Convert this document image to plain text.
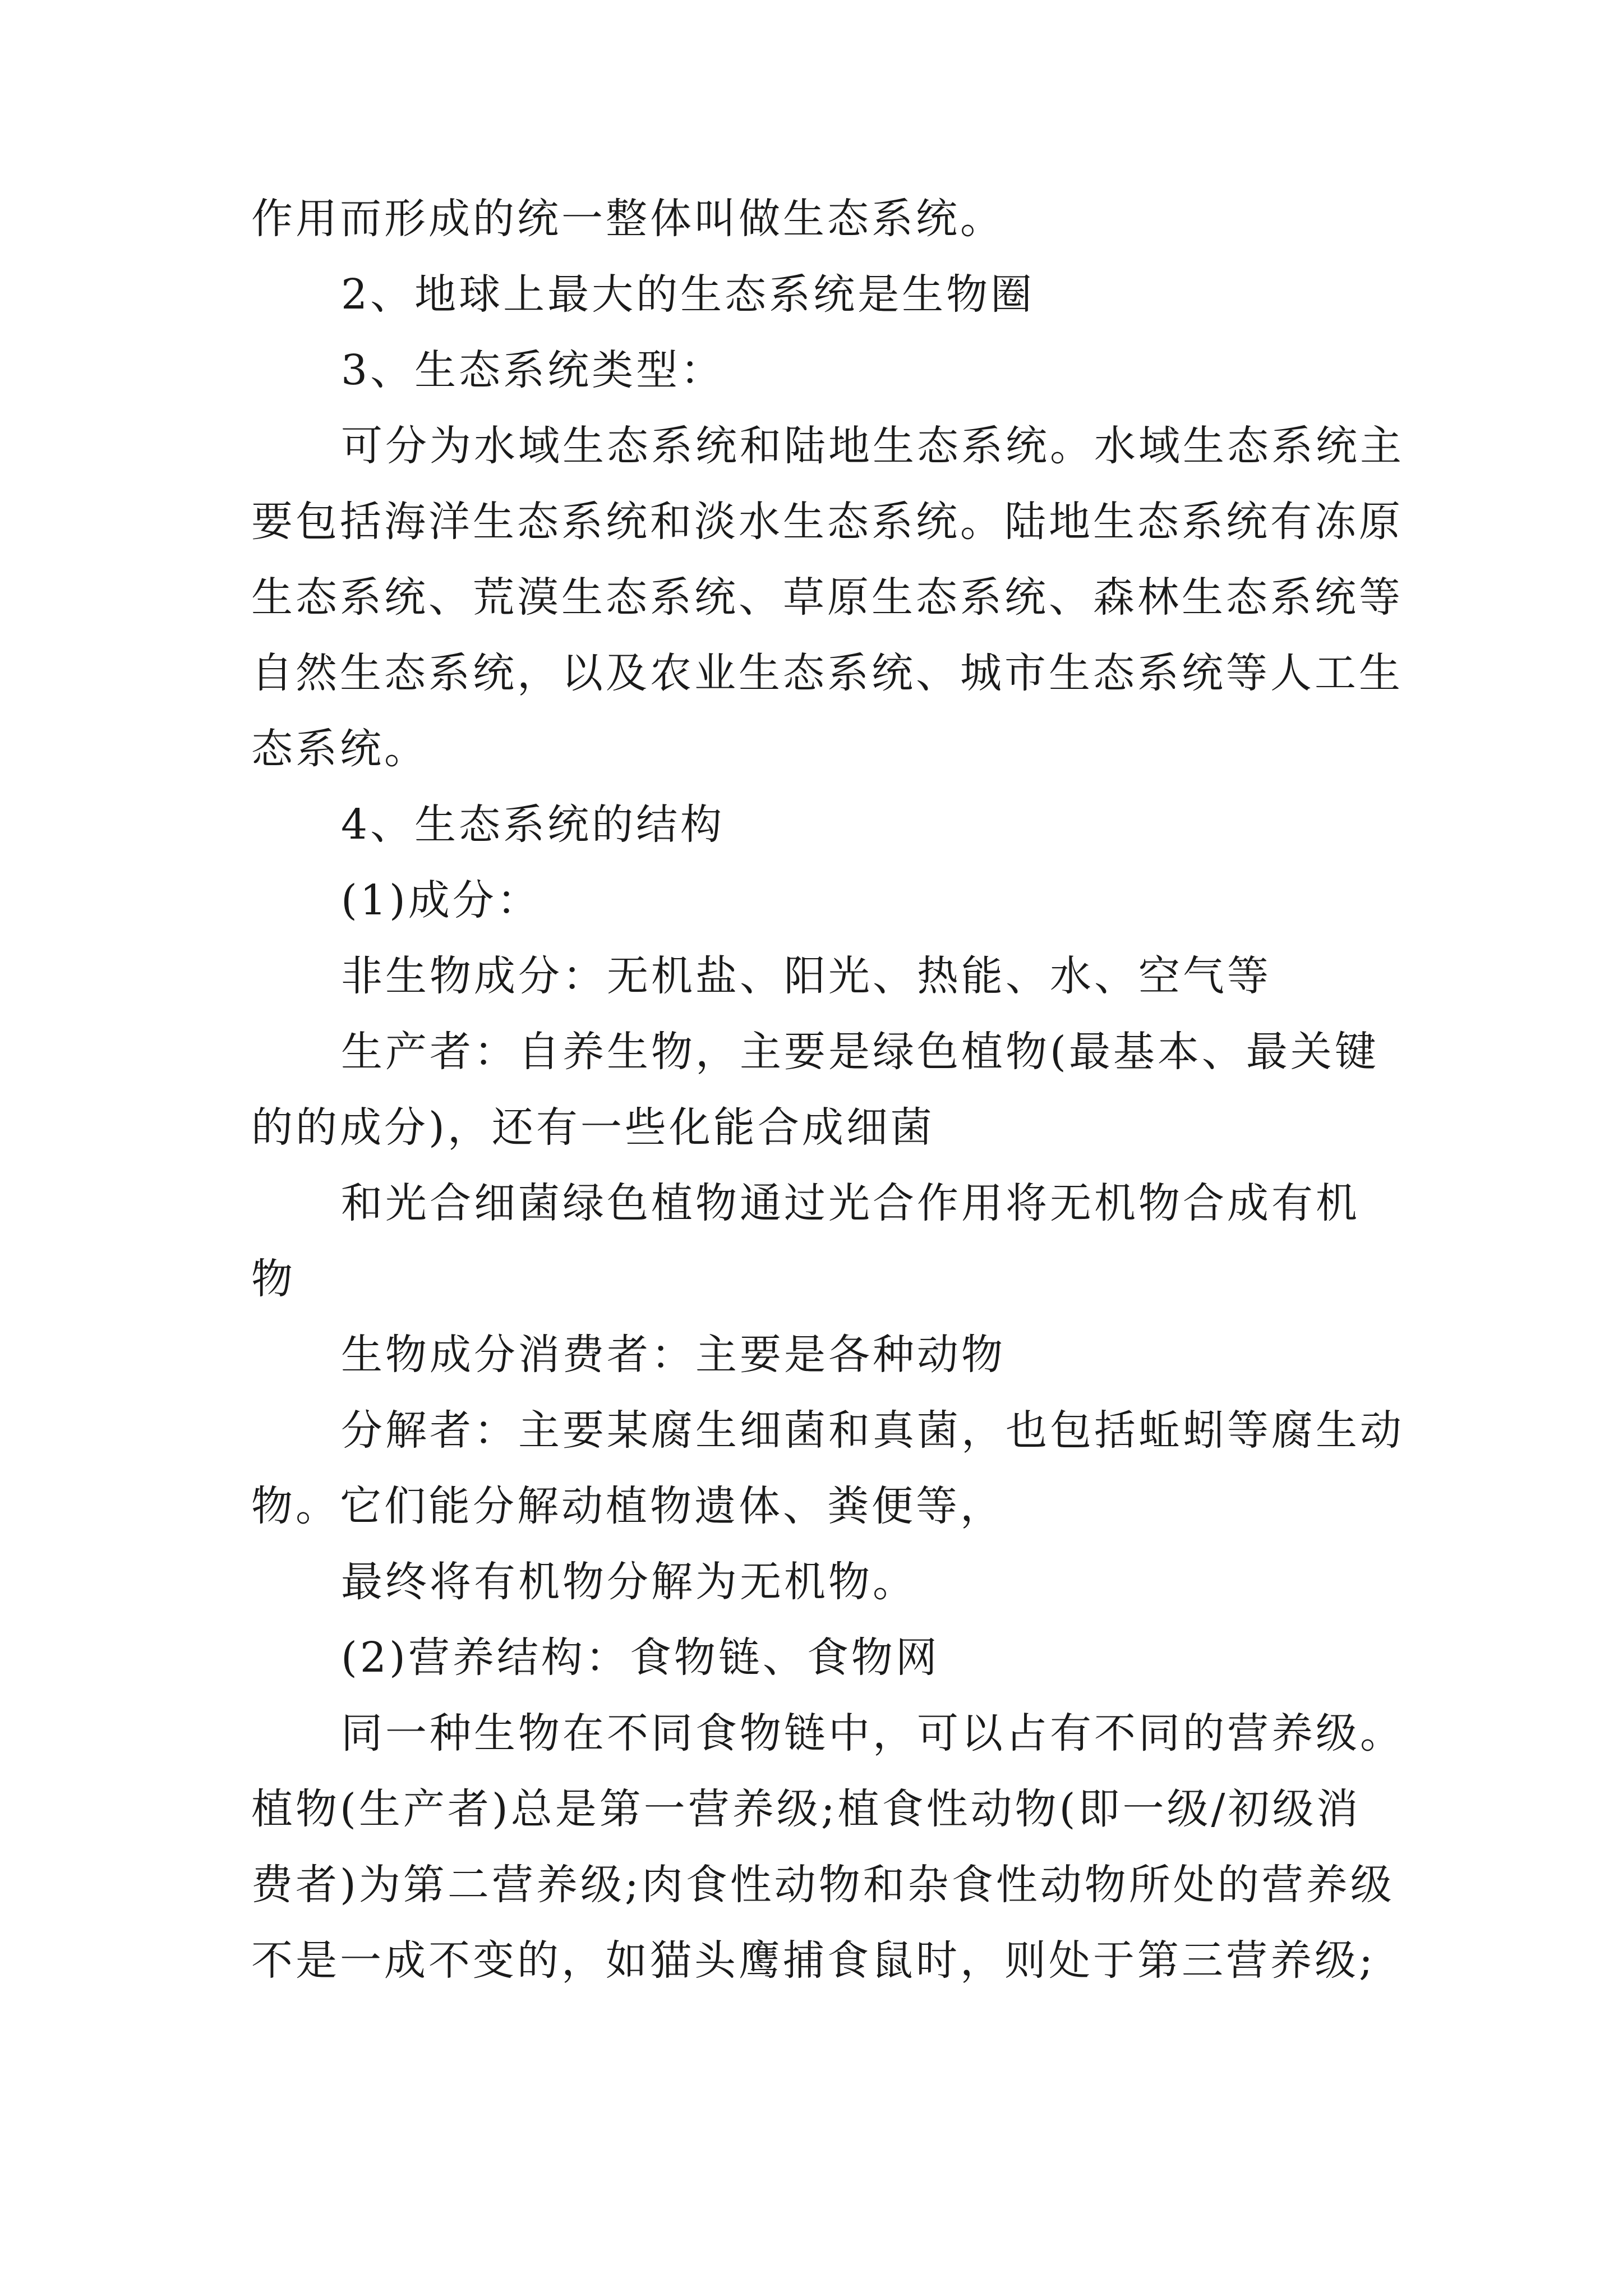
作用而形成的统一整体叫做生态系统。

2、地球上最大的生态系统是生物圈

3、生态系统类型：

可分为水域生态系统和陆地生态系统。水域生态系统主

要包括海洋生态系统和淡水生态系统。陆地生态系统有冻原

生态系统、荒漠生态系统、草原生态系统、森林生态系统等

自然生态系统，以及农业生态系统、城市生态系统等人工生

态系统。

4、生态系统的结构

(1)成分：

非生物成分：无机盐、阳光、热能、水、空气等

生产者：自养生物，主要是绿色植物(最基本、最关键

的的成分)，还有一些化能合成细菌

和光合细菌绿色植物通过光合作用将无机物合成有机

物

生物成分消费者：主要是各种动物

分解者：主要某腐生细菌和真菌，也包括蚯蚓等腐生动

物。它们能分解动植物遗体、粪便等，

最终将有机物分解为无机物。

(2)营养结构：食物链、食物网

同一种生物在不同食物链中，可以占有不同的营养级。

植物(生产者)总是第一营养级;植食性动物(即一级/初级消

费者)为第二营养级;肉食性动物和杂食性动物所处的营养级

不是一成不变的，如猫头鹰捕食鼠时，则处于第三营养级;
